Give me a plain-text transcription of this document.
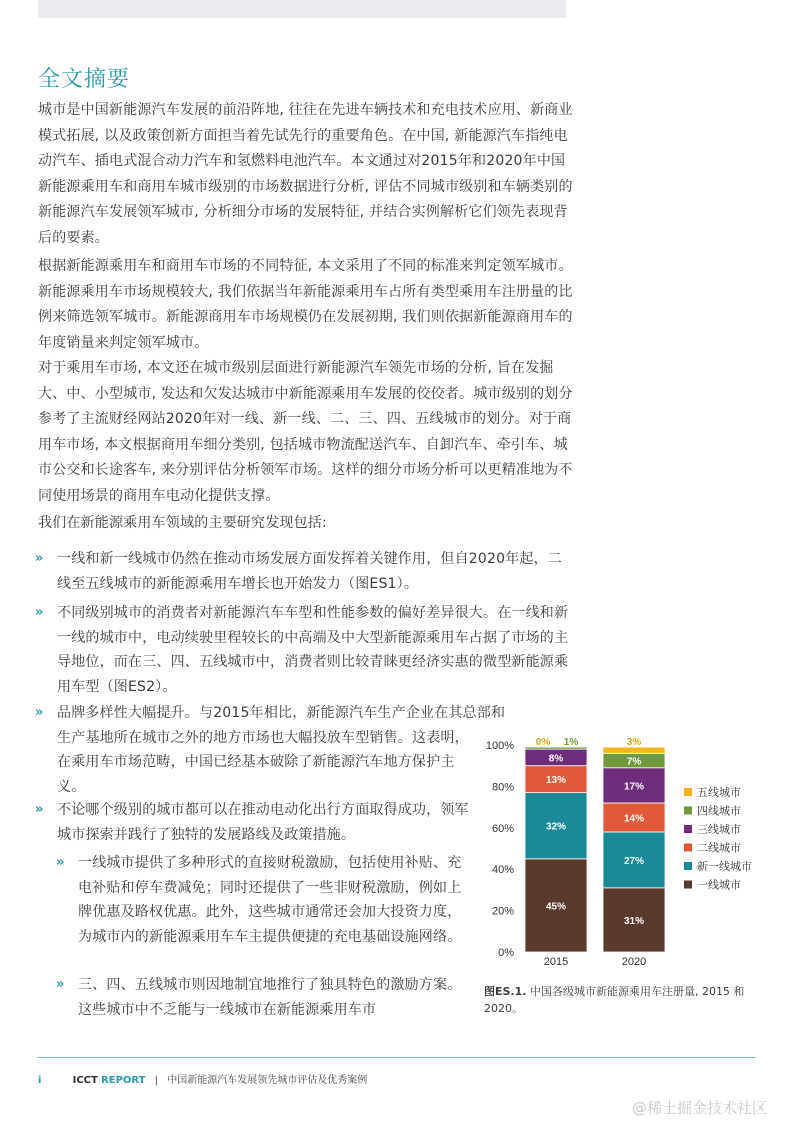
全文摘要

城市是中国新能源汽车发展的前沿阵地, 往往在先进车辆技术和充电技术应用、新商业模式拓展, 以及政策创新方面担当着先试先行的重要角色。在中国, 新能源汽车指纯电动汽车、插电式混合动力汽车和氢燃料电池汽车。本文通过对2015年和2020年中国新能源乘用车和商用车城市级别的市场数据进行分析, 评估不同城市级别和车辆类别的新能源汽车发展领军城市, 分析细分市场的发展特征, 并结合实例解析它们领先表现背后的要素。

根据新能源乘用车和商用车市场的不同特征, 本文采用了不同的标准来判定领军城市。新能源乘用车市场规模较大, 我们依据当年新能源乘用车占所有类型乘用车注册量的比例来筛选领军城市。新能源商用车市场规模仍在发展初期, 我们则依据新能源商用车的年度销量来判定领军城市。

对于乘用车市场, 本文还在城市级别层面进行新能源汽车领先市场的分析, 旨在发掘大、中、小型城市, 发达和欠发达城市中新能源乘用车发展的佼佼者。城市级别的划分参考了主流财经网站2020年对一线、新一线、二、三、四、五线城市的划分。对于商用车市场, 本文根据商用车细分类别, 包括城市物流配送汽车、自卸汽车、牵引车、城市公交和长途客车, 来分别评估分析领军市场。这样的细分市场分析可以更精准地为不同使用场景的商用车电动化提供支撑。

我们在新能源乘用车领域的主要研究发现包括:

» 一线和新一线城市仍然在推动市场发展方面发挥着关键作用，但自2020年起，二线至五线城市的新能源乘用车增长也开始发力（图ES1）。
» 不同级别城市的消费者对新能源汽车车型和性能参数的偏好差异很大。在一线和新一线的城市中，电动续驶里程较长的中高端及中大型新能源乘用车占据了市场的主导地位，而在三、四、五线城市中，消费者则比较青睐更经济实惠的微型新能源乘用车型（图ES2）。
» 品牌多样性大幅提升。与2015年相比，新能源汽车生产企业在其总部和
生产基地所在城市之外的地方市场也大幅投放车型销售。这表明，在乘用车市场范畴，中国已经基本破除了新能源汽车地方保护主义。
» 不论哪个级别的城市都可以在推动电动化出行方面取得成功，领军城市探索并践行了独特的发展路线及政策措施。
» 一线城市提供了多种形式的直接财税激励，包括使用补贴、充电补贴和停车费减免；同时还提供了一些非财税激励，例如上牌优惠及路权优惠。此外，这些城市通常还会加大投资力度，为城市内的新能源乘用车车主提供便捷的充电基础设施网络。
» 三、四、五线城市则因地制宜地推行了独具特色的激励方案。这些城市中不乏能与一线城市在新能源乘用车市
0%
20%
40%
60%
80%
100%
2015	2020
45%
32%
13%
8%
1%
0%
31%
27%
14%
17%
7%
3%
五线城市
四线城市
三线城市
二线城市
新一线城市
一线城市

图ES.1. 中国各级城市新能源乘用车注册量, 2015 和2020。

i	ICCT REPORT | 中国新能源汽车发展领先城市评估及优秀案例
@稀土掘金技术社区
